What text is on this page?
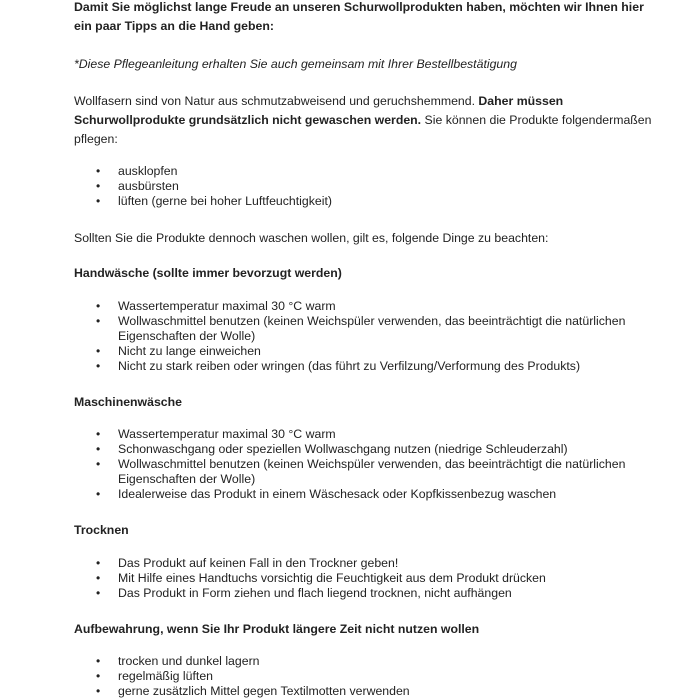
Damit Sie möglichst lange Freude an unseren Schurwollprodukten haben, möchten wir Ihnen hier ein paar Tipps an die Hand geben:

*Diese Pflegeanleitung erhalten Sie auch gemeinsam mit Ihrer Bestellbestätigung

Wollfasern sind von Natur aus schmutzabweisend und geruchshemmend. Daher müssen Schurwollprodukte grundsätzlich nicht gewaschen werden. Sie können die Produkte folgendermaßen pflegen:

• ausklopfen
• ausbürsten
• lüften (gerne bei hoher Luftfeuchtigkeit)

Sollten Sie die Produkte dennoch waschen wollen, gilt es, folgende Dinge zu beachten:

Handwäsche (sollte immer bevorzugt werden)

• Wassertemperatur maximal 30 °C warm
• Wollwaschmittel benutzen (keinen Weichspüler verwenden, das beeinträchtigt die natürlichen Eigenschaften der Wolle)
• Nicht zu lange einweichen
• Nicht zu stark reiben oder wringen (das führt zu Verfilzung/Verformung des Produkts)

Maschinenwäsche

• Wassertemperatur maximal 30 °C warm
• Schonwaschgang oder speziellen Wollwaschgang nutzen (niedrige Schleuderzahl)
• Wollwaschmittel benutzen (keinen Weichspüler verwenden, das beeinträchtigt die natürlichen Eigenschaften der Wolle)
• Idealerweise das Produkt in einem Wäschesack oder Kopfkissenbezug waschen

Trocknen

• Das Produkt auf keinen Fall in den Trockner geben!
• Mit Hilfe eines Handtuchs vorsichtig die Feuchtigkeit aus dem Produkt drücken
• Das Produkt in Form ziehen und flach liegend trocknen, nicht aufhängen

Aufbewahrung, wenn Sie Ihr Produkt längere Zeit nicht nutzen wollen

• trocken und dunkel lagern
• regelmäßig lüften
• gerne zusätzlich Mittel gegen Textilmotten verwenden
